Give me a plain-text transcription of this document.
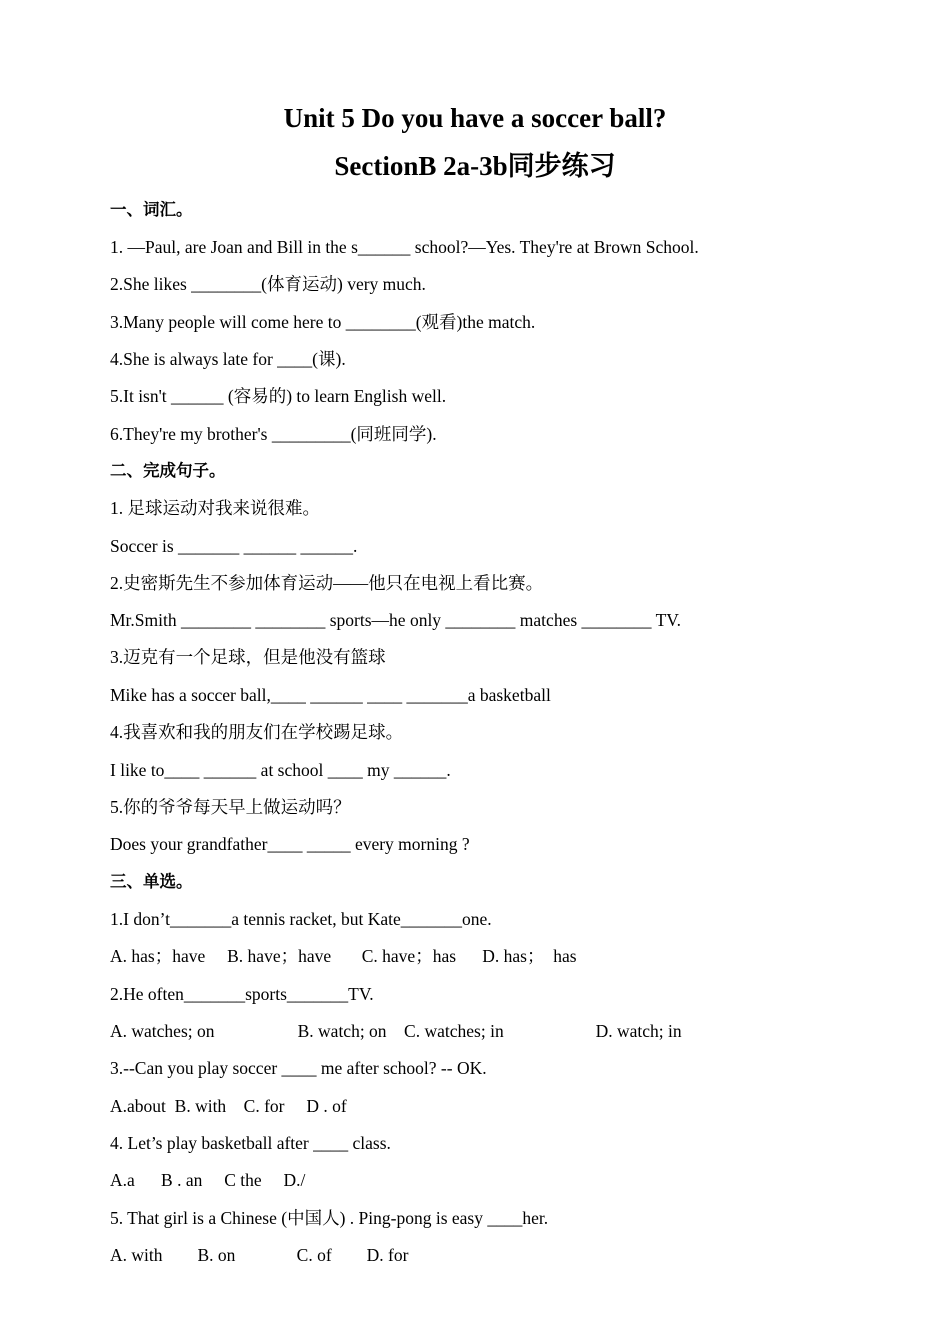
Unit 5 Do you have a soccer ball?
SectionB 2a-3b同步练习
一、词汇。
1. —Paul, are Joan and Bill in the s______ school?—Yes. They're at Brown School.
2.She likes ________(体育运动) very much.
3.Many people will come here to ________(观看)the match.
4.She is always late for ____(课).
5.It isn't ______ (容易的) to learn English well.
6.They're my brother's _________(同班同学).
二、完成句子。
1. 足球运动对我来说很难。
Soccer is _______ ______ ______.
2.史密斯先生不参加体育运动——他只在电视上看比赛。
Mr.Smith ________ ________ sports—he only ________ matches ________ TV.
3.迈克有一个足球，但是他没有篮球
Mike has a soccer ball,____ ______ ____ _______a basketball
4.我喜欢和我的朋友们在学校踢足球。
I like to____ ______ at school ____ my ______.
5.你的爷爷每天早上做运动吗？
Does your grandfather____ _____ every morning ?
三、单选。
1.I don’t_______a tennis racket, but Kate_______one.
A. has；have     B. have；have       C. have；has      D. has；  has
2.He often_______sports_______TV.
A. watches; on                   B. watch; on    C. watches; in                     D. watch; in
3.--Can you play soccer ____ me after school? -- OK.
A.about  B. with    C. for     D . of
4. Let’s play basketball after ____ class.
A.a      B . an     C the     D./
5. That girl is a Chinese (中国人) . Ping-pong is easy ____her.
A. with        B. on              C. of        D. for
